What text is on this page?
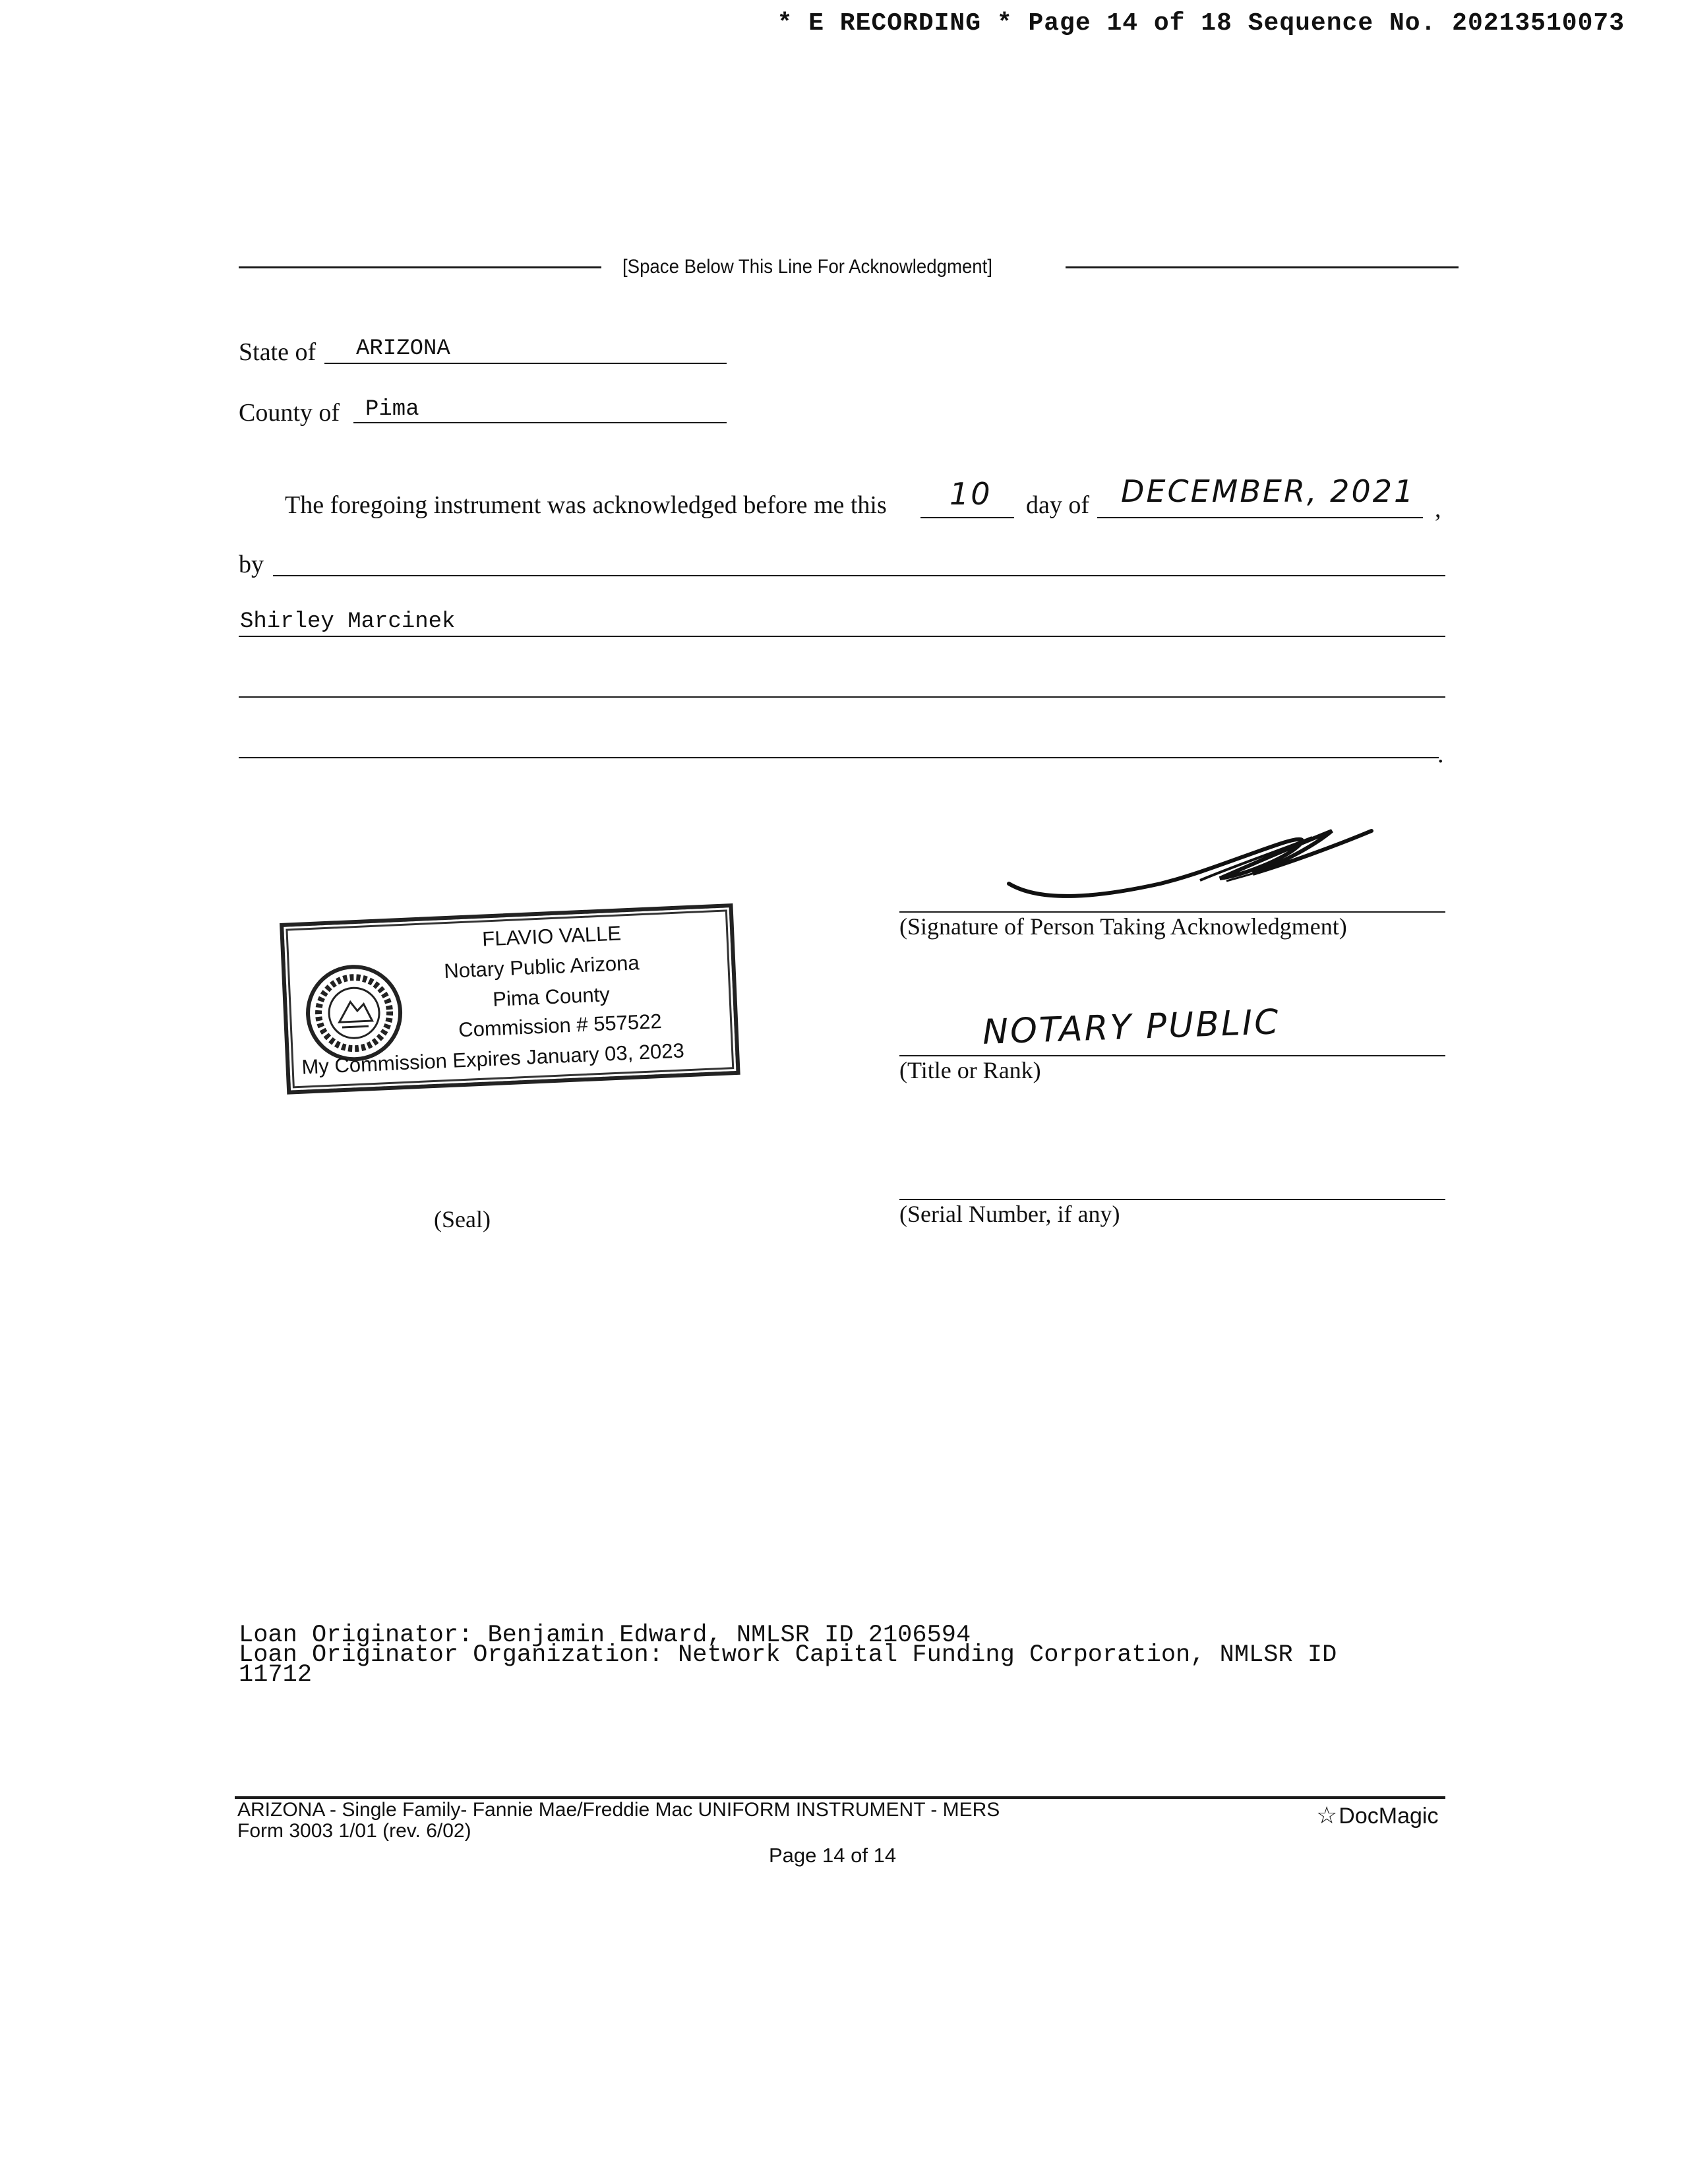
* E RECORDING * Page 14 of 18 Sequence No. 20213510073
[Space Below This Line For Acknowledgment]
State of ARIZONA
County of Pima
The foregoing instrument was acknowledged before me this 10 day of DECEMBER, 2021 ,
by
Shirley Marcinek
.
(Signature of Person Taking Acknowledgment)
FLAVIO VALLE
Notary Public Arizona
Pima County
Commission # 557522
My Commission Expires January 03, 2023
NOTARY PUBLIC
(Title or Rank)
(Seal)	(Serial Number, if any)
Loan Originator: Benjamin Edward, NMLSR ID 2106594
Loan Originator Organization: Network Capital Funding Corporation, NMLSR ID
11712
ARIZONA - Single Family- Fannie Mae/Freddie Mac UNIFORM INSTRUMENT - MERS
Form 3003 1/01 (rev. 6/02)
☆DocMagic
Page 14 of 14
